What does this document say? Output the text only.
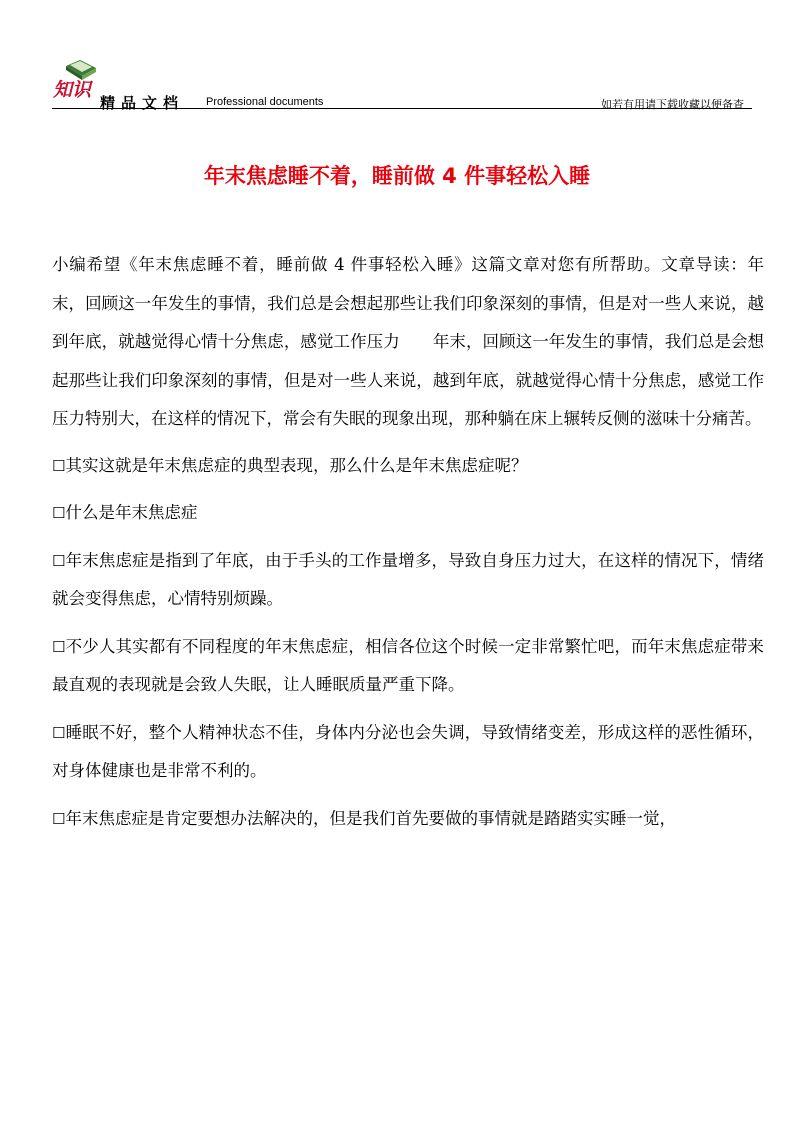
知识
精品文档 Professional documents	如若有用请下载收藏以便备查
年末焦虑睡不着，睡前做 4 件事轻松入睡

小编希望《年末焦虑睡不着，睡前做 4 件事轻松入睡》这篇文章对您有所帮助。文章导读：年末，回顾这一年发生的事情，我们总是会想起那些让我们印象深刻的事情，但是对一些人来说，越到年底，就越觉得心情十分焦虑，感觉工作压力　　年末，回顾这一年发生的事情，我们总是会想起那些让我们印象深刻的事情，但是对一些人来说，越到年底，就越觉得心情十分焦虑，感觉工作压力特别大，在这样的情况下，常会有失眠的现象出现，那种躺在床上辗转反侧的滋味十分痛苦。

☐其实这就是年末焦虑症的典型表现，那么什么是年末焦虑症呢？

☐什么是年末焦虑症

☐年末焦虑症是指到了年底，由于手头的工作量增多，导致自身压力过大，在这样的情况下，情绪就会变得焦虑，心情特别烦躁。

☐不少人其实都有不同程度的年末焦虑症，相信各位这个时候一定非常繁忙吧，而年末焦虑症带来最直观的表现就是会致人失眠，让人睡眠质量严重下降。

☐睡眠不好，整个人精神状态不佳，身体内分泌也会失调，导致情绪变差，形成这样的恶性循环，对身体健康也是非常不利的。

☐年末焦虑症是肯定要想办法解决的，但是我们首先要做的事情就是踏踏实实睡一觉，
